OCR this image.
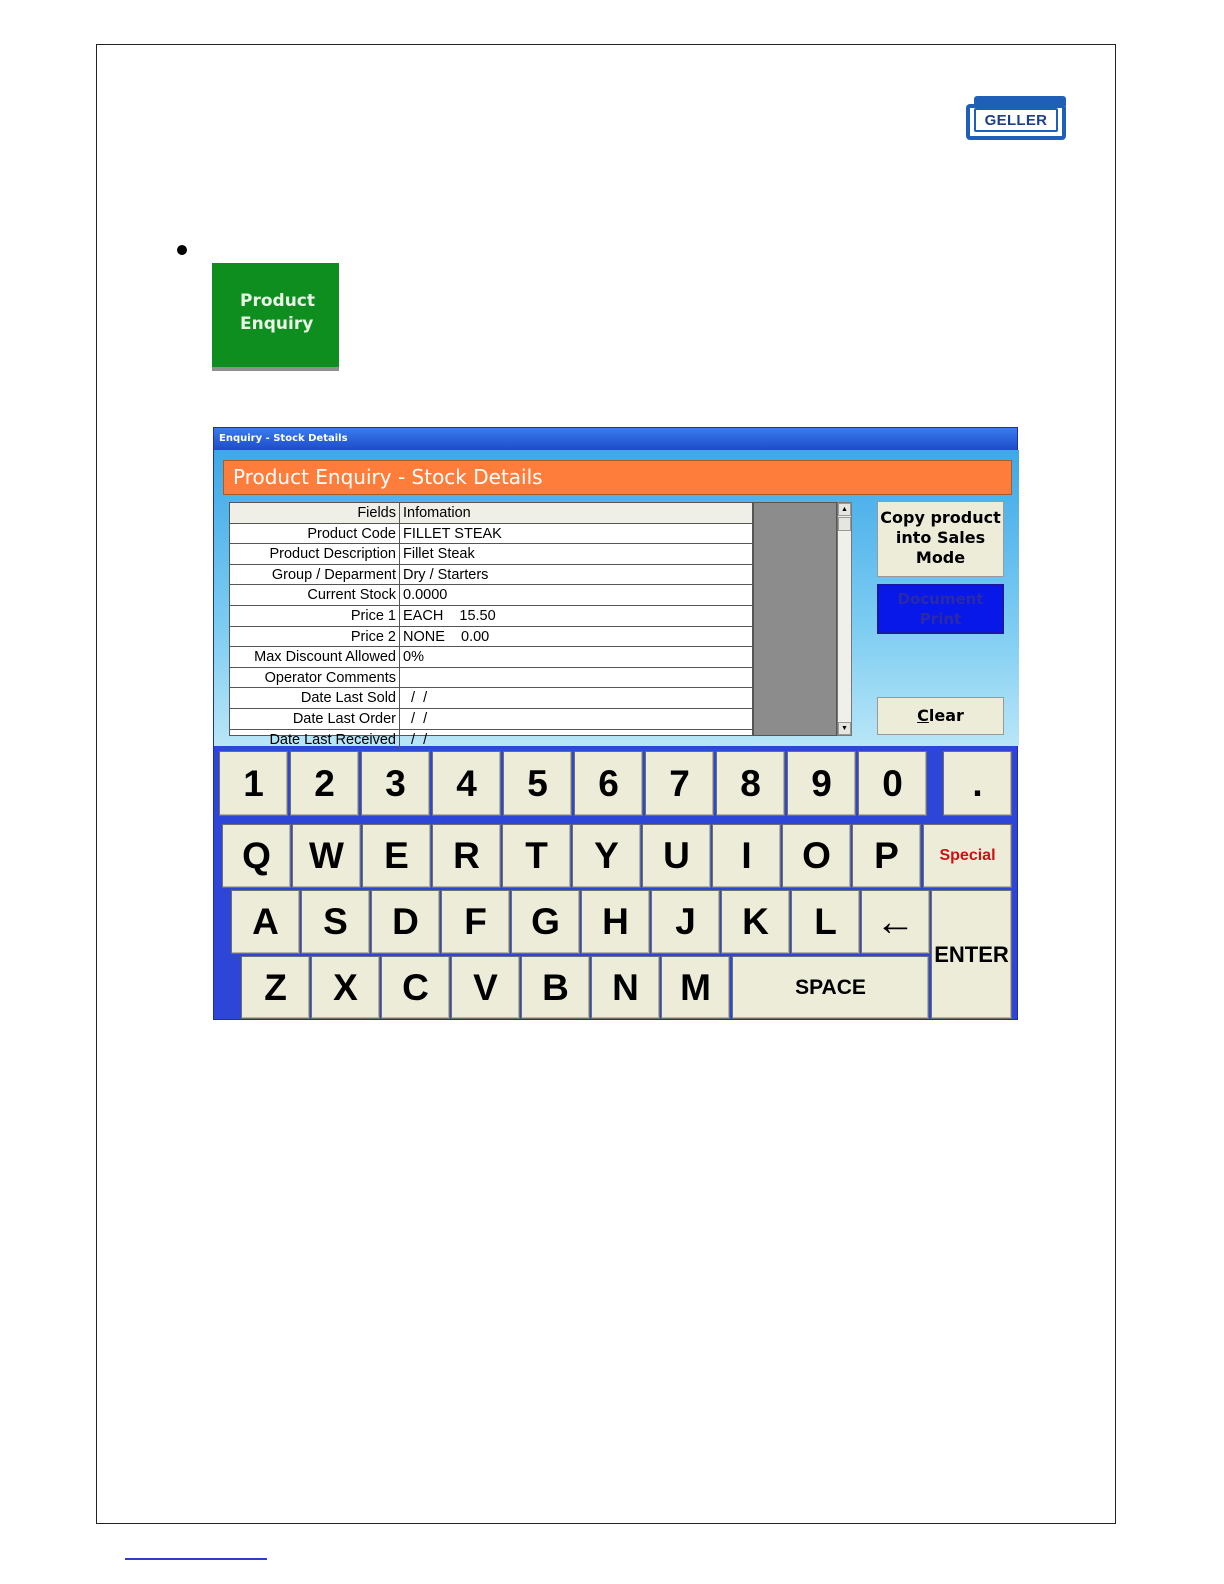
GELLER
Product
Enquiry
Enquiry - Stock Details
Product Enquiry - Stock Details
Fields Infomation
Product Code FILLET STEAK
Product Description Fillet Steak
Group / Deparment Dry / Starters
Current Stock 0.0000
Price 1 EACH    15.50
Price 2 NONE    0.00
Max Discount Allowed 0%
Operator Comments
Date Last Sold /  /
Date Last Order /  /
Date Last Received /  /
▲
▼
Copy product
into Sales
Mode
Document
Print
Clear
1	2	3	4	5	6	7	8	9	0	.
Q	W	E	R	T	Y	U	I	O	P	Special
A	S	D	F	G	H	J	K	L ←
Z	X	C	V	B	N	M	SPACE
ENTER
